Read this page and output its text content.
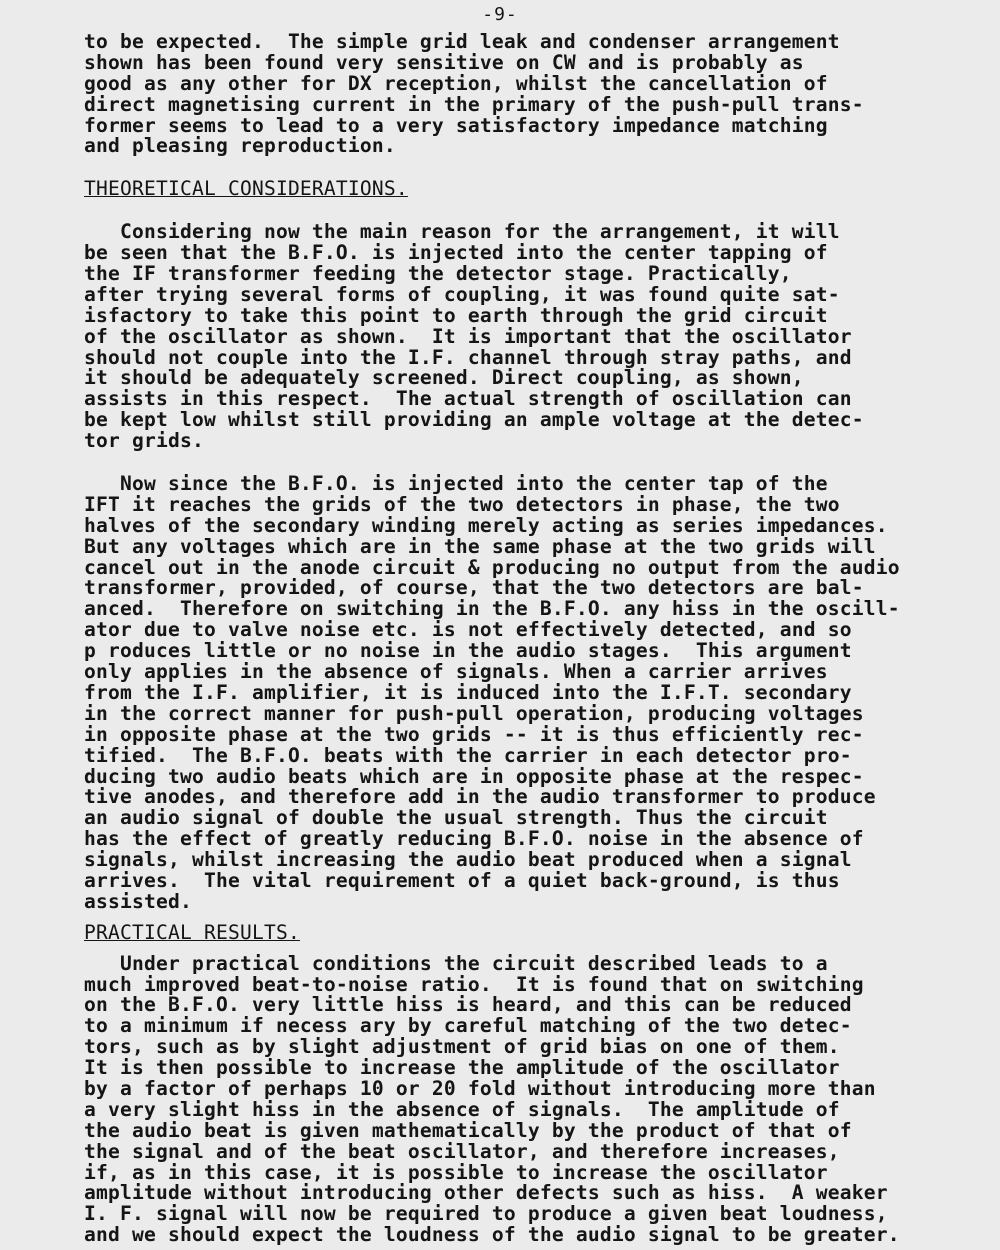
-9-
to be expected.  The simple grid leak and condenser arrangement
shown has been found very sensitive on CW and is probably as
good as any other for DX reception, whilst the cancellation of
direct magnetising current in the primary of the push-pull trans-
former seems to lead to a very satisfactory impedance matching
and pleasing reproduction.
THEORETICAL CONSIDERATIONS.
Considering now the main reason for the arrangement, it will
be seen that the B.F.O. is injected into the center tapping of
the IF transformer feeding the detector stage. Practically,
after trying several forms of coupling, it was found quite sat-
isfactory to take this point to earth through the grid circuit
of the oscillator as shown.  It is important that the oscillator
should not couple into the I.F. channel through stray paths, and
it should be adequately screened. Direct coupling, as shown,
assists in this respect.  The actual strength of oscillation can
be kept low whilst still providing an ample voltage at the detec-
tor grids.
Now since the B.F.O. is injected into the center tap of the
IFT it reaches the grids of the two detectors in phase, the two
halves of the secondary winding merely acting as series impedances.
But any voltages which are in the same phase at the two grids will
cancel out in the anode circuit & producing no output from the audio
transformer, provided, of course, that the two detectors are bal-
anced.  Therefore on switching in the B.F.O. any hiss in the oscill-
ator due to valve noise etc. is not effectively detected, and so
p roduces little or no noise in the audio stages.  This argument
only applies in the absence of signals. When a carrier arrives
from the I.F. amplifier, it is induced into the I.F.T. secondary
in the correct manner for push-pull operation, producing voltages
in opposite phase at the two grids -- it is thus efficiently rec-
tified.  The B.F.O. beats with the carrier in each detector pro-
ducing two audio beats which are in opposite phase at the respec-
tive anodes, and therefore add in the audio transformer to produce
an audio signal of double the usual strength. Thus the circuit
has the effect of greatly reducing B.F.O. noise in the absence of
signals, whilst increasing the audio beat produced when a signal
arrives.  The vital requirement of a quiet back-ground, is thus
assisted.
PRACTICAL RESULTS.
Under practical conditions the circuit described leads to a
much improved beat-to-noise ratio.  It is found that on switching
on the B.F.O. very little hiss is heard, and this can be reduced
to a minimum if necess ary by careful matching of the two detec-
tors, such as by slight adjustment of grid bias on one of them.
It is then possible to increase the amplitude of the oscillator
by a factor of perhaps 10 or 20 fold without introducing more than
a very slight hiss in the absence of signals.  The amplitude of
the audio beat is given mathematically by the product of that of
the signal and of the beat oscillator, and therefore increases,
if, as in this case, it is possible to increase the oscillator
amplitude without introducing other defects such as hiss.  A weaker
I. F. signal will now be required to produce a given beat loudness,
and we should expect the loudness of the audio signal to be greater.
